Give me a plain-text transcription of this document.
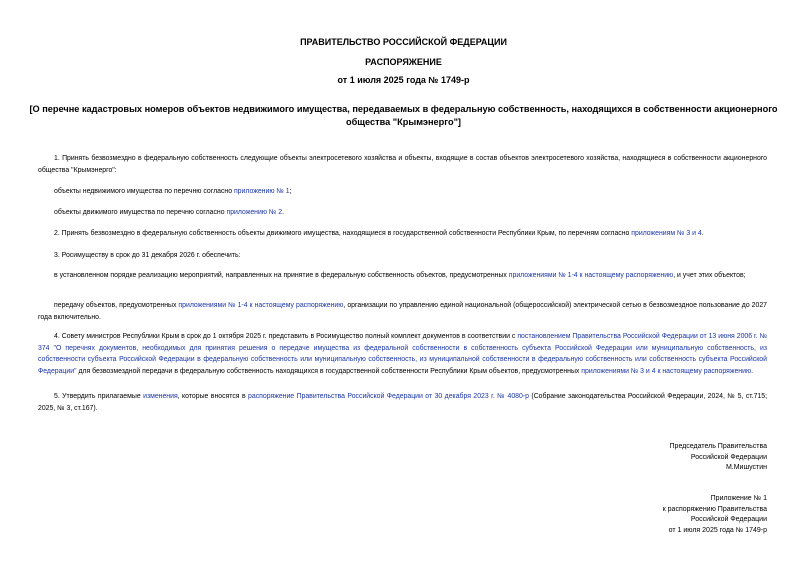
ПРАВИТЕЛЬСТВО РОССИЙСКОЙ ФЕДЕРАЦИИ
РАСПОРЯЖЕНИЕ
от 1 июля 2025 года № 1749-р
[О перечне кадастровых номеров объектов недвижимого имущества, передаваемых в федеральную собственность, находящихся в собственности акционерного общества "Крымэнерго"]
1. Принять безвозмездно в федеральную собственность следующие объекты электросетевого хозяйства и объекты, входящие в состав объектов электросетевого хозяйства, находящиеся в собственности акционерного общества "Крымэнерго":
объекты недвижимого имущества по перечню согласно приложению № 1;
объекты движимого имущества по перечню согласно приложению № 2.
2. Принять безвозмездно в федеральную собственность объекты движимого имущества, находящиеся в государственной собственности Республики Крым, по перечням согласно приложениям № 3 и 4.
3. Росимуществу в срок до 31 декабря 2026 г. обеспечить:
в установленном порядке реализацию мероприятий, направленных на принятие в федеральную собственность объектов, предусмотренных приложениями № 1-4 к настоящему распоряжению, и учет этих объектов;
передачу объектов, предусмотренных приложениями № 1-4 к настоящему распоряжению, организации по управлению единой национальной (общероссийской) электрической сетью в безвозмездное пользование до 2027 года включительно.
4. Совету министров Республики Крым в срок до 1 октября 2025 г. представить в Росимущество полный комплект документов в соответствии с постановлением Правительства Российской Федерации от 13 июня 2006 г. № 374 "О перечнях документов, необходимых для принятия решения о передаче имущества из федеральной собственности в собственность субъекта Российской Федерации или муниципальную собственность, из собственности субъекта Российской Федерации в федеральную собственность или муниципальную собственность, из муниципальной собственности в федеральную собственность или собственность субъекта Российской Федерации" для безвозмездной передачи в федеральную собственность находящихся в государственной собственности Республики Крым объектов, предусмотренных приложениями № 3 и 4 к настоящему распоряжению.
5. Утвердить прилагаемые изменения, которые вносятся в распоряжение Правительства Российской Федерации от 30 декабря 2023 г. № 4080-р (Собрание законодательства Российской Федерации, 2024, № 5, ст.715; 2025, № 3, ст.167).
Председатель Правительства
Российской Федерации
М.Мишустин
Приложение № 1
к распоряжению Правительства
Российской Федерации
от 1 июля 2025 года № 1749-р
